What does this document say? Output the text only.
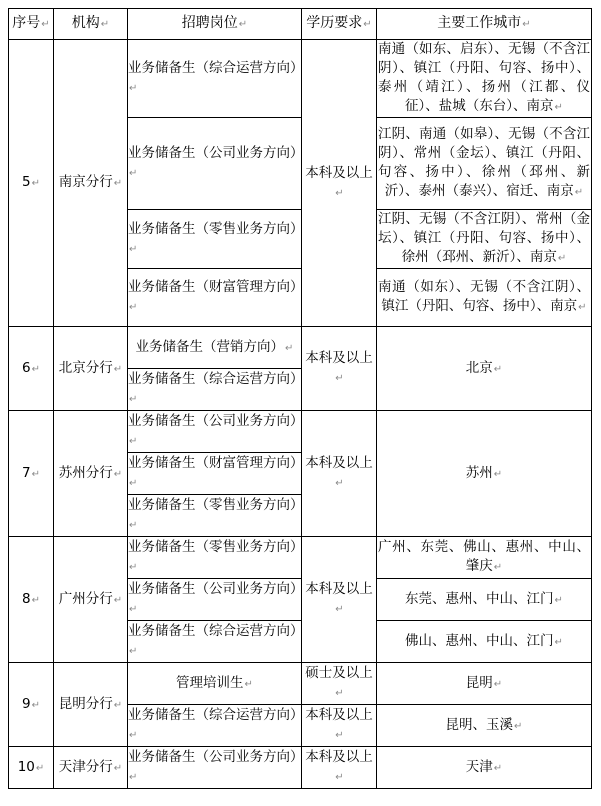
序号↵	机构↵	招聘岗位↵	学历要求↵	主要工作城市↵
5↵	南京分行↵	业务储备生（综合运营方向）↵	本科及以上↵	南通（如东、启东）、无锡（不含江阴）、镇江（丹阳、句容、扬中）、泰州（靖江）、扬州（江都、仪征）、盐城（东台）、南京↵
		业务储备生（公司业务方向）↵		江阴、南通（如皋）、无锡（不含江阴）、常州（金坛）、镇江（丹阳、句容、扬中）、徐州（邳州、新沂）、泰州（泰兴）、宿迁、南京↵
		业务储备生（零售业务方向）↵		江阴、无锡（不含江阴）、常州（金坛）、镇江（丹阳、句容、扬中）、徐州（邳州、新沂）、南京↵
		业务储备生（财富管理方向）↵		南通（如东）、无锡（不含江阴）、镇江（丹阳、句容、扬中）、南京↵
6↵	北京分行↵	业务储备生（营销方向）↵	本科及以上↵	北京↵
		业务储备生（综合运营方向）↵		
7↵	苏州分行↵	业务储备生（公司业务方向）↵	本科及以上↵	苏州↵
		业务储备生（财富管理方向）↵		
		业务储备生（零售业务方向）↵		
8↵	广州分行↵	业务储备生（零售业务方向）↵	本科及以上↵	广州、东莞、佛山、惠州、中山、肇庆↵
		业务储备生（公司业务方向）↵		东莞、惠州、中山、江门↵
		业务储备生（综合运营方向）↵		佛山、惠州、中山、江门↵
9↵	昆明分行↵	管理培训生↵	硕士及以上↵	昆明↵
		业务储备生（综合运营方向）↵	本科及以上↵	昆明、玉溪↵
10↵	天津分行↵	业务储备生（公司业务方向）↵	本科及以上↵	天津↵
